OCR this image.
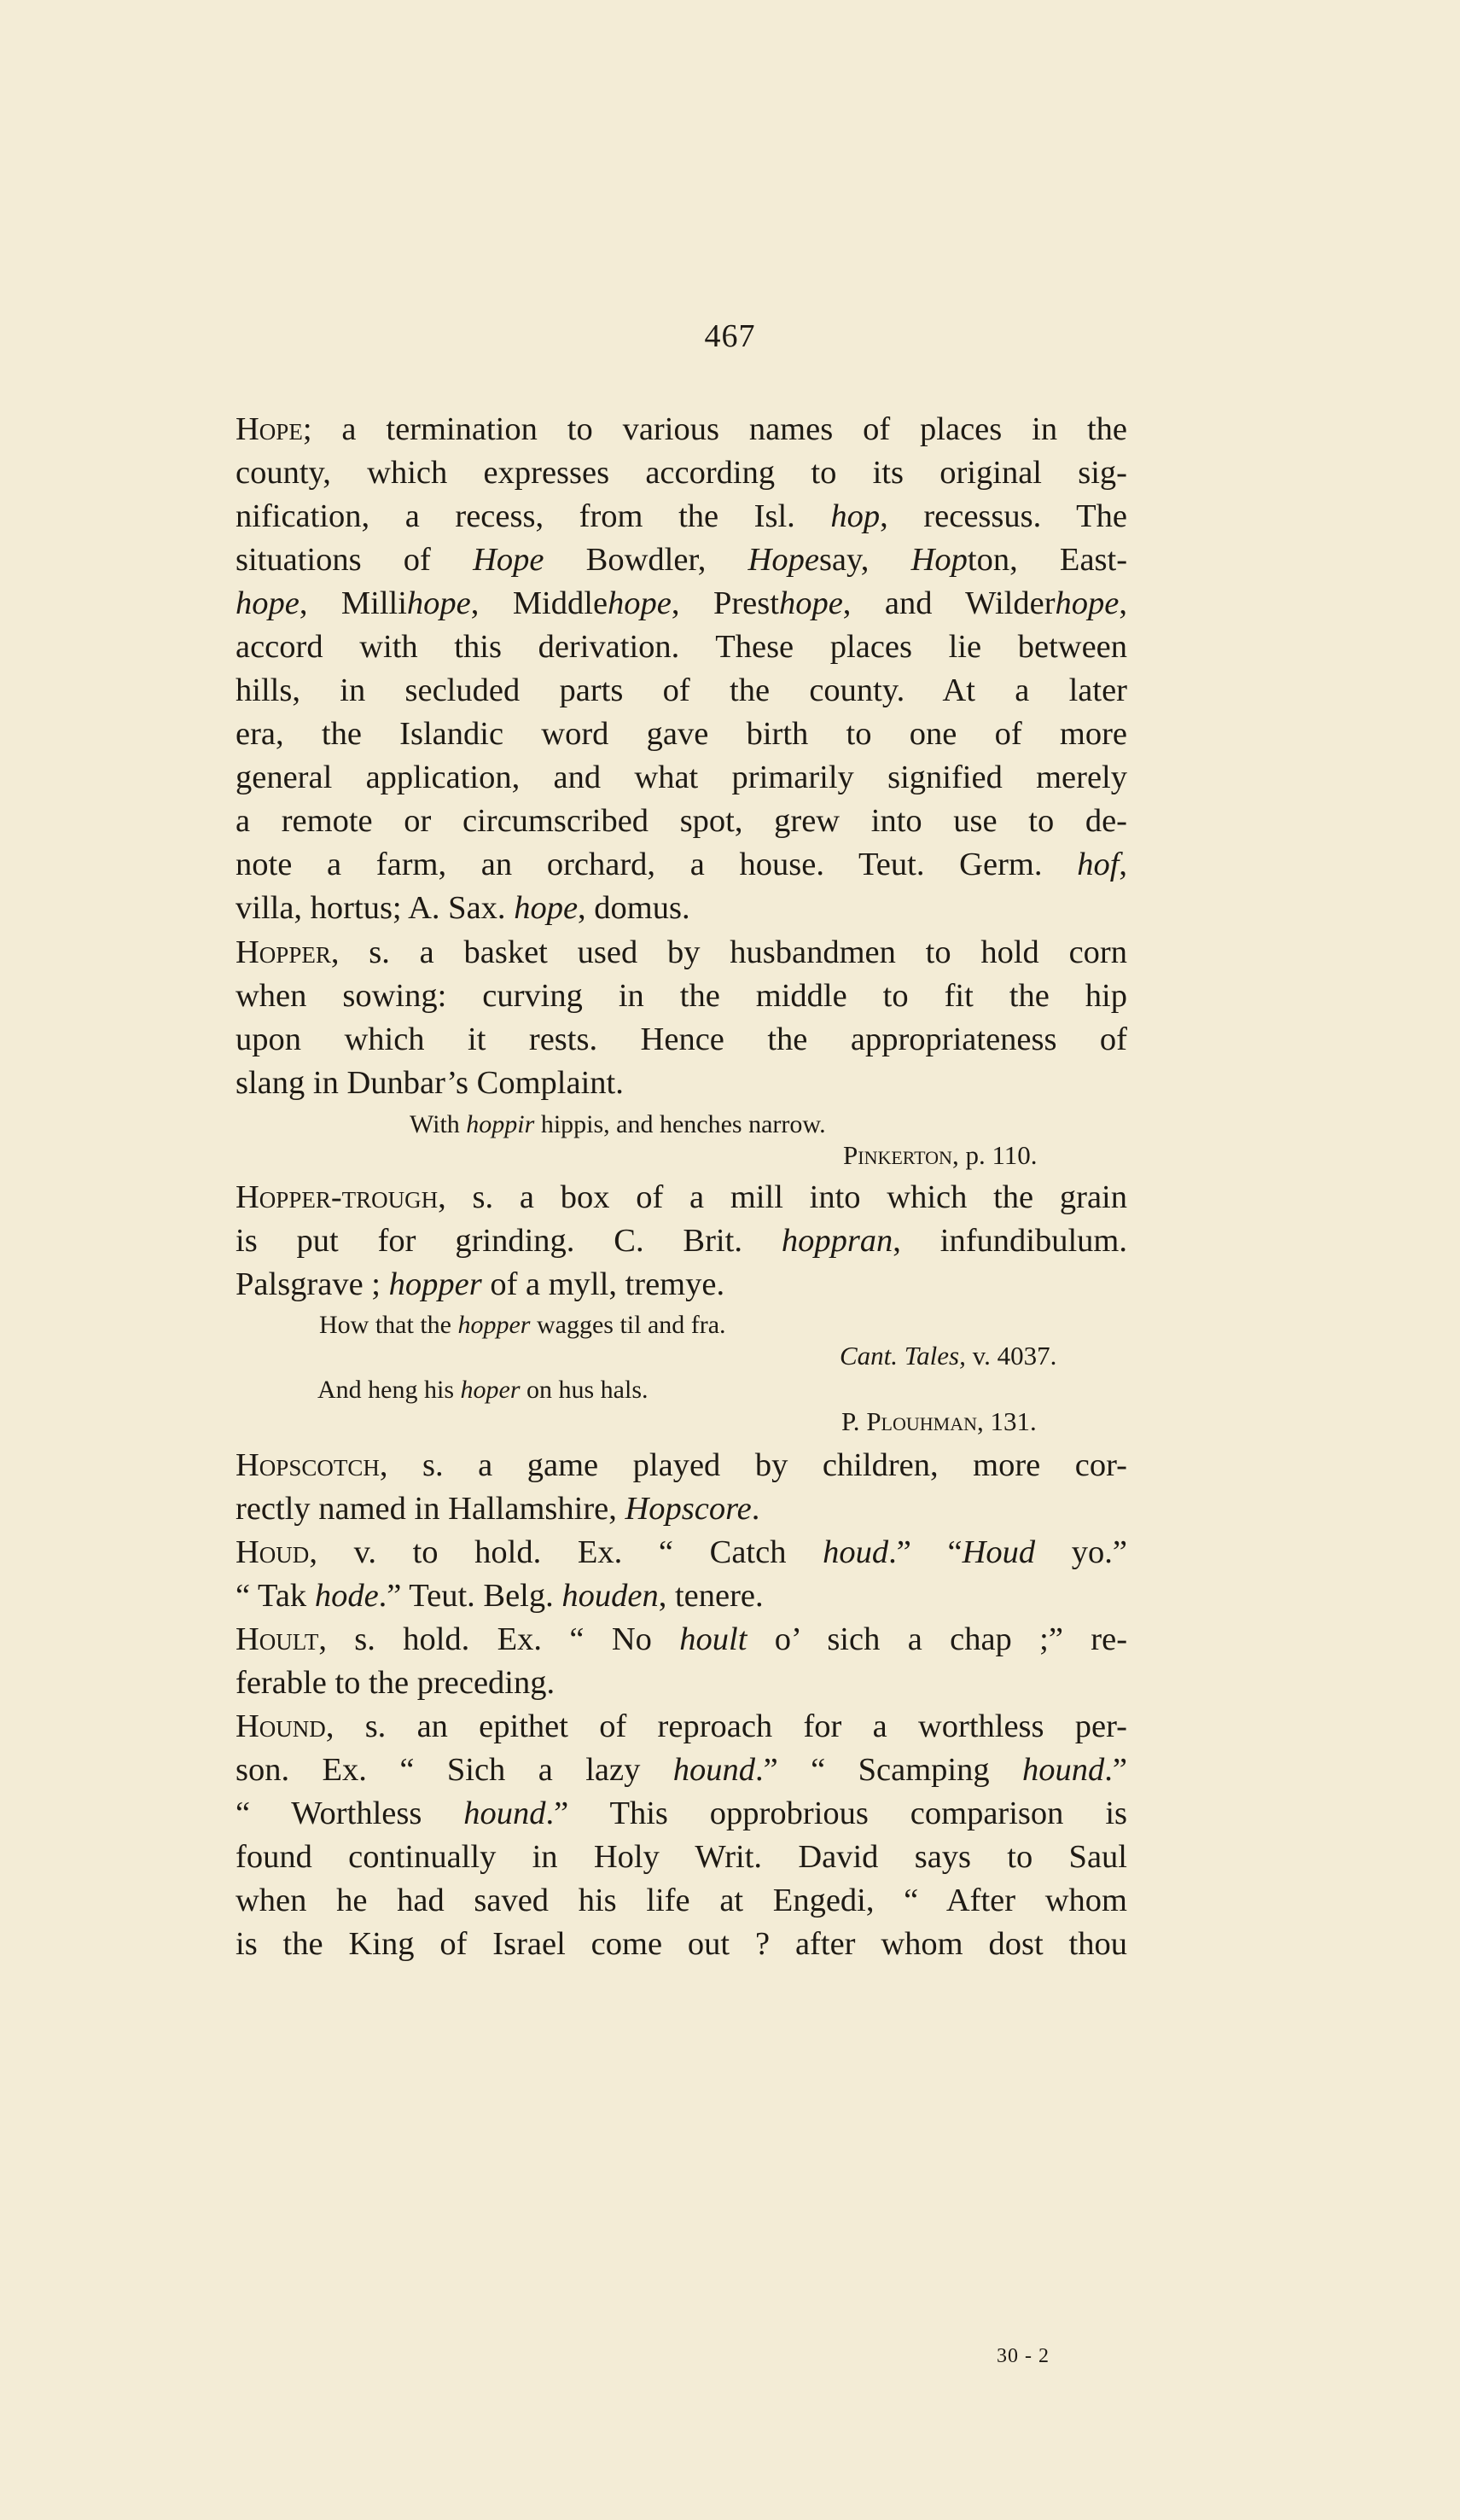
467
Hope; a termination to various names of places in the
county, which expresses according to its original sig-
nification, a recess, from the Isl. hop, recessus. The
situations of Hope Bowdler, Hopesay, Hopton, East-
hope, Millihope, Middlehope, Presthope, and Wilderhope,
accord with this derivation. These places lie between
hills, in secluded parts of the county. At a later
era, the Islandic word gave birth to one of more
general application, and what primarily signified merely
a remote or circumscribed spot, grew into use to de-
note a farm, an orchard, a house. Teut. Germ. hof,
villa, hortus; A. Sax. hope, domus.
Hopper, s. a basket used by husbandmen to hold corn
when sowing: curving in the middle to fit the hip
upon which it rests. Hence the appropriateness of
slang in Dunbar’s Complaint.
With hoppir hippis, and henches narrow.
Pinkerton, p. 110.
Hopper-trough, s. a box of a mill into which the grain
is put for grinding. C. Brit. hoppran, infundibulum.
Palsgrave ; hopper of a myll, tremye.
How that the hopper wagges til and fra.
Cant. Tales, v. 4037.
And heng his hoper on hus hals.
P. Plouhman, 131.
Hopscotch, s. a game played by children, more cor-
rectly named in Hallamshire, Hopscore.
Houd, v. to hold. Ex. “ Catch houd.” “Houd yo.”
“ Tak hode.” Teut. Belg. houden, tenere.
Hoult, s. hold. Ex. “ No hoult o’ sich a chap ;” re-
ferable to the preceding.
Hound, s. an epithet of reproach for a worthless per-
son. Ex. “ Sich a lazy hound.” “ Scamping hound.”
“ Worthless hound.” This opprobrious comparison is
found continually in Holy Writ. David says to Saul
when he had saved his life at Engedi, “ After whom
is the King of Israel come out ? after whom dost thou
30 - 2
